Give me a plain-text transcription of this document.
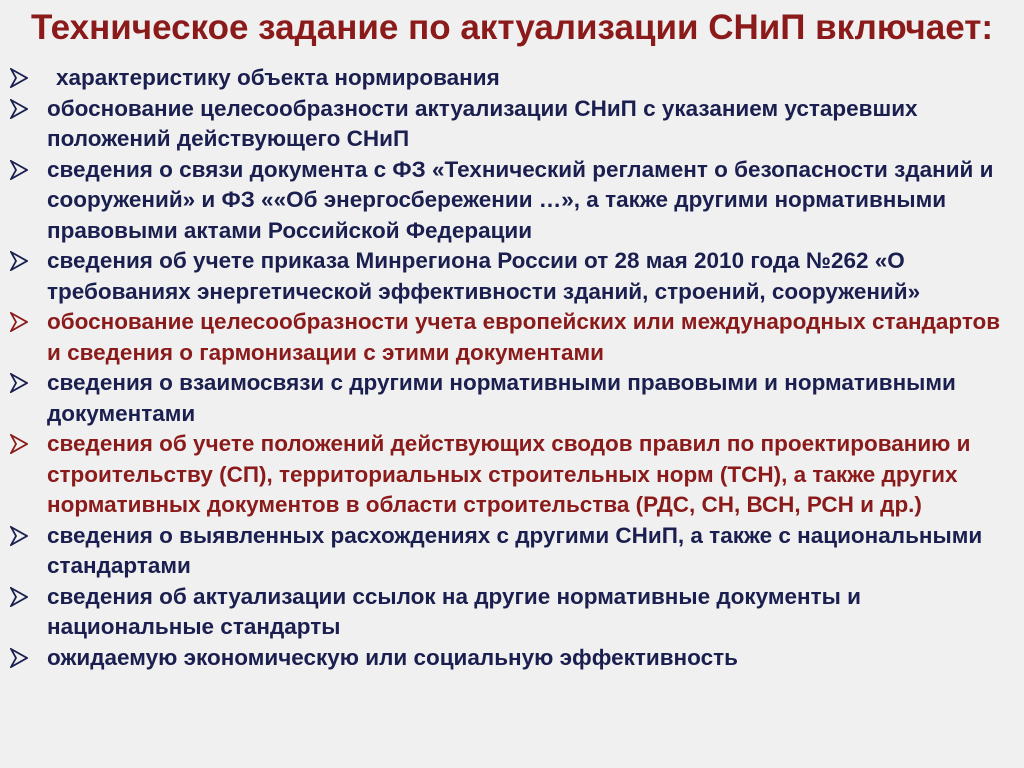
Техническое задание по актуализации СНиП включает:
характеристику объекта нормирования
обоснование целесообразности актуализации СНиП с указанием устаревших положений действующего СНиП
сведения о связи документа с ФЗ «Технический регламент о безопасности зданий и сооружений» и ФЗ ««Об энергосбережении …», а также другими нормативными правовыми актами Российской Федерации
сведения об учете приказа Минрегиона России от 28 мая 2010 года №262 «О требованиях энергетической эффективности зданий, строений, сооружений»
обоснование целесообразности учета европейских или международных стандартов и сведения о гармонизации с этими документами
сведения о взаимосвязи с другими нормативными правовыми и нормативными документами
сведения об учете положений действующих сводов правил по проектированию и строительству (СП), территориальных строительных норм (ТСН), а также других нормативных документов в области строительства (РДС, СН, ВСН, РСН и др.)
сведения о выявленных расхождениях с другими СНиП, а также с национальными стандартами
сведения об актуализации ссылок на другие нормативные документы и национальные стандарты
ожидаемую экономическую или социальную эффективность
